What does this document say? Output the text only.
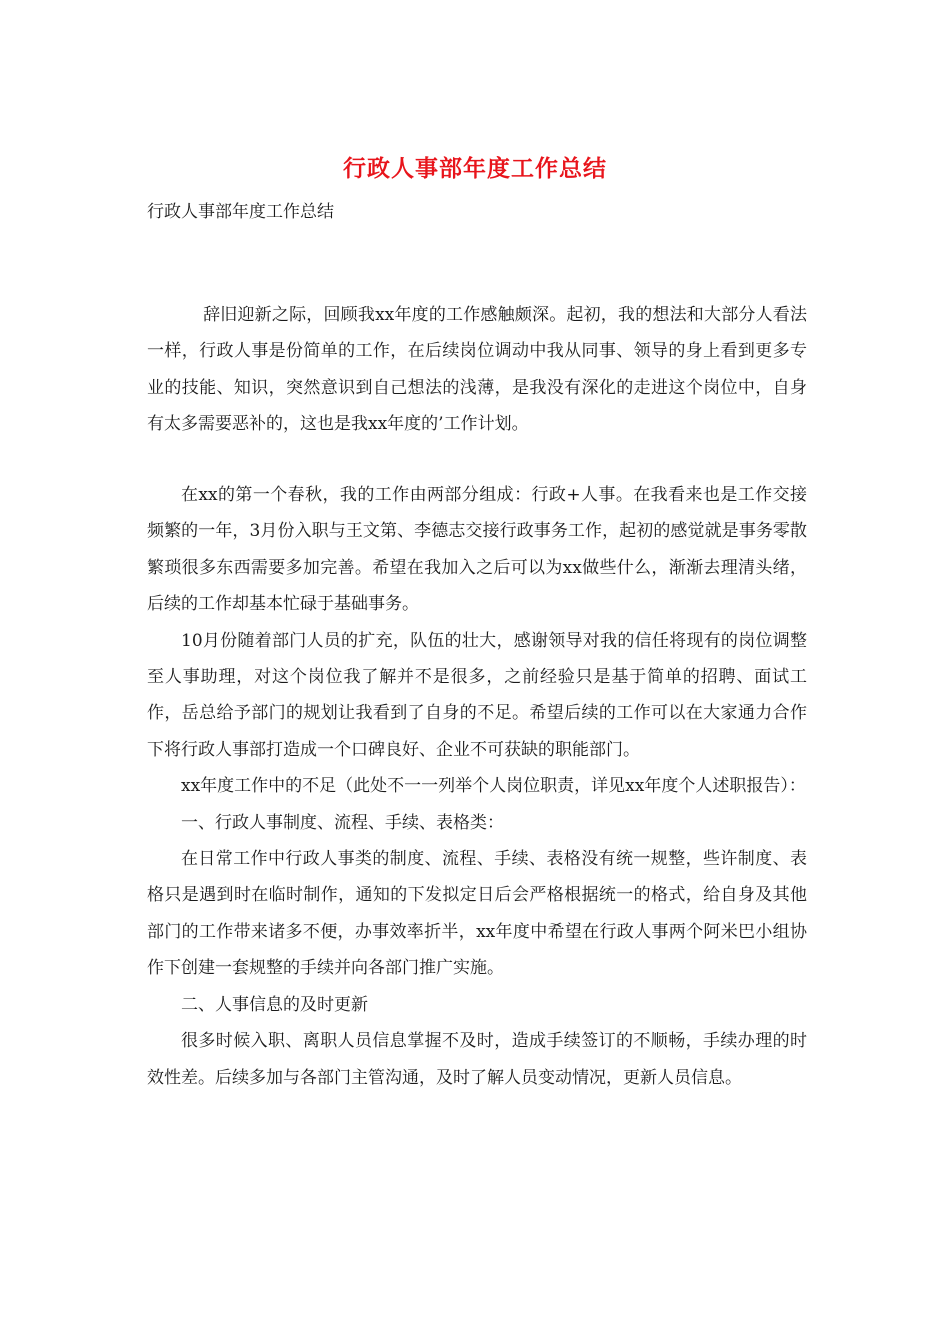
行政人事部年度工作总结
行政人事部年度工作总结

辞旧迎新之际，回顾我xx年度的工作感触颇深。起初，我的想法和大部分人看法一样，行政人事是份简单的工作，在后续岗位调动中我从同事、领导的身上看到更多专业的技能、知识，突然意识到自己想法的浅薄，是我没有深化的走进这个岗位中，自身有太多需要恶补的，这也是我xx年度的’工作计划。

在xx的第一个春秋，我的工作由两部分组成：行政+人事。在我看来也是工作交接频繁的一年，3月份入职与王文第、李德志交接行政事务工作，起初的感觉就是事务零散繁琐很多东西需要多加完善。希望在我加入之后可以为xx做些什么，渐渐去理清头绪，后续的工作却基本忙碌于基础事务。

10月份随着部门人员的扩充，队伍的壮大，感谢领导对我的信任将现有的岗位调整至人事助理，对这个岗位我了解并不是很多，之前经验只是基于简单的招聘、面试工作，岳总给予部门的规划让我看到了自身的不足。希望后续的工作可以在大家通力合作下将行政人事部打造成一个口碑良好、企业不可获缺的职能部门。

xx年度工作中的不足（此处不一一列举个人岗位职责，详见xx年度个人述职报告）：

一、行政人事制度、流程、手续、表格类：

在日常工作中行政人事类的制度、流程、手续、表格没有统一规整，些许制度、表格只是遇到时在临时制作，通知的下发拟定日后会严格根据统一的格式，给自身及其他部门的工作带来诸多不便，办事效率折半，xx年度中希望在行政人事两个阿米巴小组协作下创建一套规整的手续并向各部门推广实施。

二、人事信息的及时更新

很多时候入职、离职人员信息掌握不及时，造成手续签订的不顺畅，手续办理的时效性差。后续多加与各部门主管沟通，及时了解人员变动情况，更新人员信息。
